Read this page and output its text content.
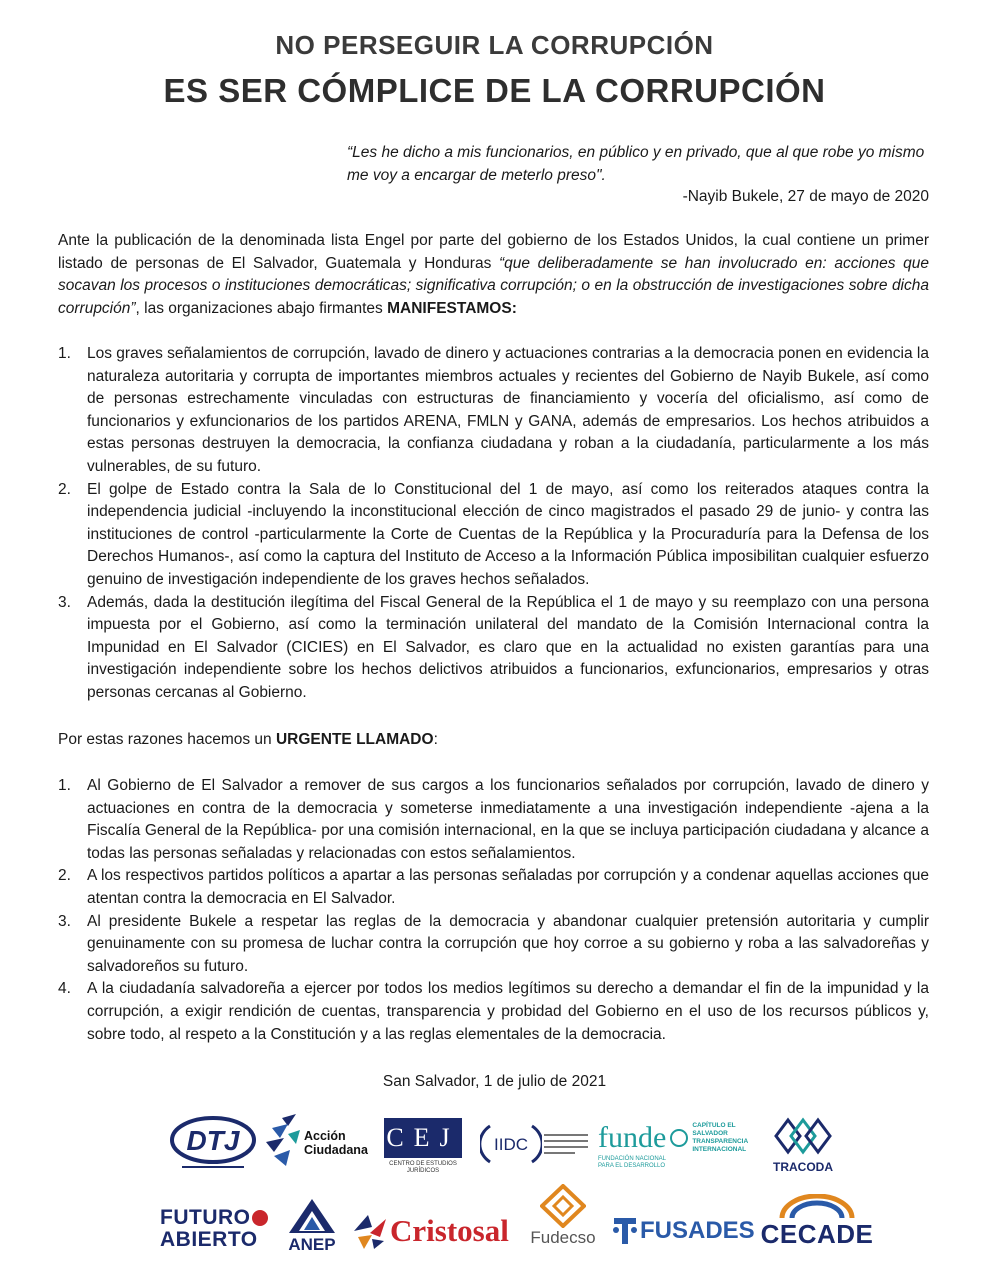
NO PERSEGUIR LA CORRUPCIÓN
ES SER CÓMPLICE DE LA CORRUPCIÓN
“Les he dicho a mis funcionarios, en público y en privado, que al que robe yo mismo me voy a encargar de meterlo preso".
-Nayib Bukele, 27 de mayo de 2020
Ante la publicación de la denominada lista Engel por parte del gobierno de los Estados Unidos, la cual contiene un primer listado de personas de El Salvador, Guatemala y Honduras “que deliberadamente se han involucrado en: acciones que socavan los procesos o instituciones democráticas; significativa corrupción; o en la obstrucción de investigaciones sobre dicha corrupción”, las organizaciones abajo firmantes MANIFESTAMOS:
1. Los graves señalamientos de corrupción, lavado de dinero y actuaciones contrarias a la democracia ponen en evidencia la naturaleza autoritaria y corrupta de importantes miembros actuales y recientes del Gobierno de Nayib Bukele, así como de personas estrechamente vinculadas con estructuras de financiamiento y vocería del oficialismo, así como de funcionarios y exfuncionarios de los partidos ARENA, FMLN y GANA, además de empresarios. Los hechos atribuidos a estas personas destruyen la democracia, la confianza ciudadana y roban a la ciudadanía, particularmente a los más vulnerables, de su futuro.
2. El golpe de Estado contra la Sala de lo Constitucional del 1 de mayo, así como los reiterados ataques contra la independencia judicial -incluyendo la inconstitucional elección de cinco magistrados el pasado 29 de junio- y contra las instituciones de control -particularmente la Corte de Cuentas de la República y la Procuraduría para la Defensa de los Derechos Humanos-, así como la captura del Instituto de Acceso a la Información Pública imposibilitan cualquier esfuerzo genuino de investigación independiente de los graves hechos señalados.
3. Además, dada la destitución ilegítima del Fiscal General de la República el 1 de mayo y su reemplazo con una persona impuesta por el Gobierno, así como la terminación unilateral del mandato de la Comisión Internacional contra la Impunidad en El Salvador (CICIES) en El Salvador, es claro que en la actualidad no existen garantías para una investigación independiente sobre los hechos delictivos atribuidos a funcionarios, exfuncionarios, empresarios y otras personas cercanas al Gobierno.
Por estas razones hacemos un URGENTE LLAMADO:
1. Al Gobierno de El Salvador a remover de sus cargos a los funcionarios señalados por corrupción, lavado de dinero y actuaciones en contra de la democracia y someterse inmediatamente a una investigación independiente -ajena a la Fiscalía General de la República- por una comisión internacional, en la que se incluya participación ciudadana y alcance a todas las personas señaladas y relacionadas con estos señalamientos.
2. A los respectivos partidos políticos a apartar a las personas señaladas por corrupción y a condenar aquellas acciones que atentan contra la democracia en El Salvador.
3. Al presidente Bukele a respetar las reglas de la democracia y abandonar cualquier pretensión autoritaria y cumplir genuinamente con su promesa de luchar contra la corrupción que hoy corroe a su gobierno y roba a las salvadoreñas y salvadoreños su futuro.
4. A la ciudadanía salvadoreña a ejercer por todos los medios legítimos su derecho a demandar el fin de la impunidad y la corrupción, a exigir rendición de cuentas, transparencia y probidad del Gobierno en el uso de los recursos públicos y, sobre todo, al respeto a la Constitución y a las reglas elementales de la democracia.
San Salvador, 1 de julio de 2021
DTJ	Acción
Ciudadana CEJ
CENTRO DE ESTUDIOS JURÍDICOS
IIDC funde	CAPÍTULO EL SALVADOR TRANSPARENCIA INTERNACIONAL
FUNDACIÓN NACIONAL PARA EL DESARROLLO	TRACODA
FUTURO
ABIERTO ANEP Cristosal Fudecso FUSADES CECADE
